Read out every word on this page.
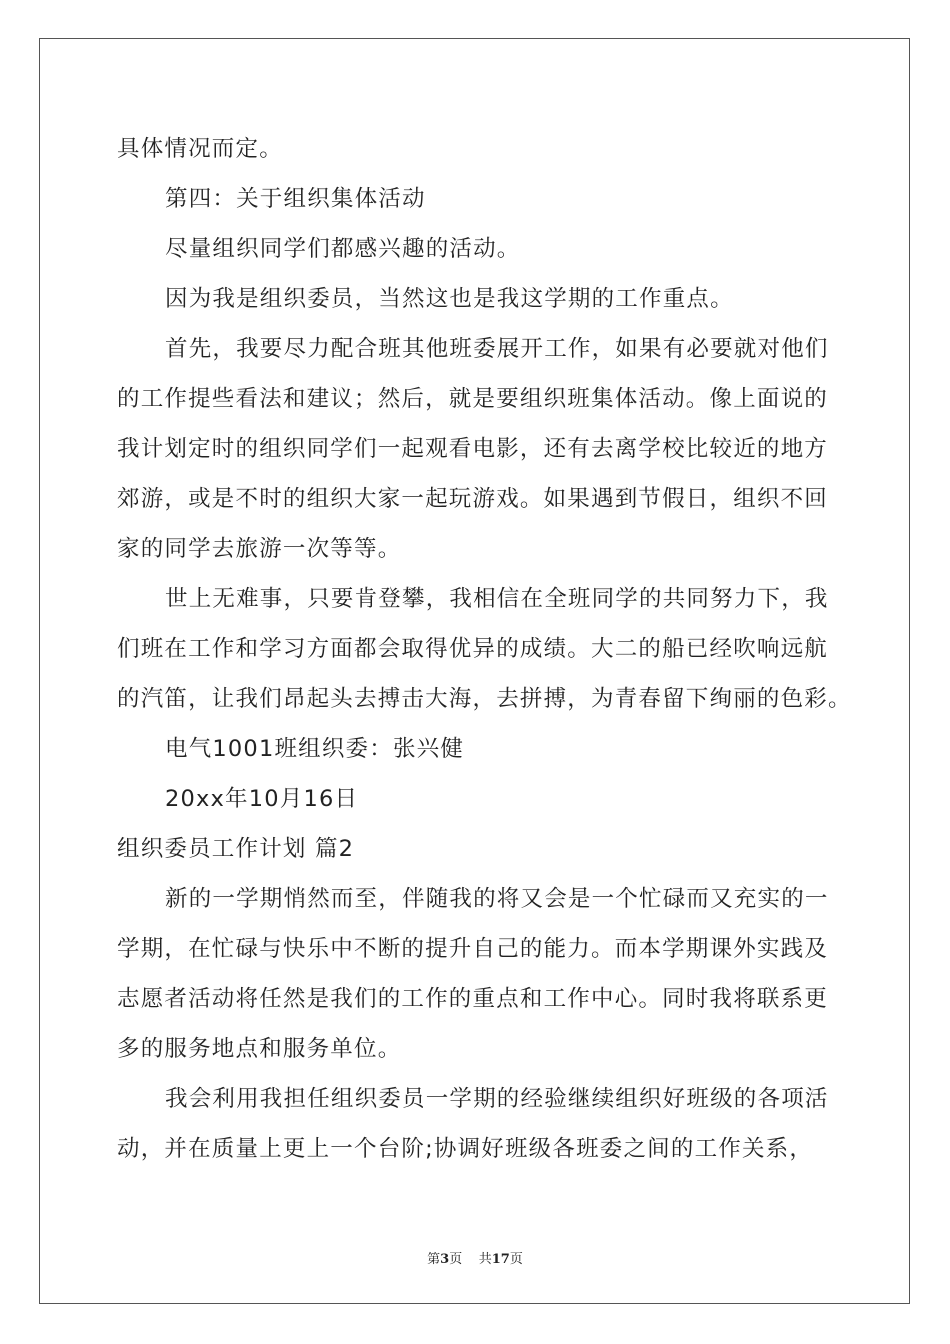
具体情况而定。

第四：关于组织集体活动

尽量组织同学们都感兴趣的活动。

因为我是组织委员，当然这也是我这学期的工作重点。

首先，我要尽力配合班其他班委展开工作，如果有必要就对他们

的工作提些看法和建议；然后，就是要组织班集体活动。像上面说的

我计划定时的组织同学们一起观看电影，还有去离学校比较近的地方

郊游，或是不时的组织大家一起玩游戏。如果遇到节假日，组织不回

家的同学去旅游一次等等。

世上无难事，只要肯登攀，我相信在全班同学的共同努力下，我

们班在工作和学习方面都会取得优异的成绩。大二的船已经吹响远航

的汽笛，让我们昂起头去搏击大海，去拼搏，为青春留下绚丽的色彩。

电气1001班组织委：张兴健

20xx年10月16日

组织委员工作计划 篇2

新的一学期悄然而至，伴随我的将又会是一个忙碌而又充实的一

学期，在忙碌与快乐中不断的提升自己的能力。而本学期课外实践及

志愿者活动将任然是我们的工作的重点和工作中心。同时我将联系更

多的服务地点和服务单位。

我会利用我担任组织委员一学期的经验继续组织好班级的各项活

动，并在质量上更上一个台阶;协调好班级各班委之间的工作关系，

第3页 共17页
